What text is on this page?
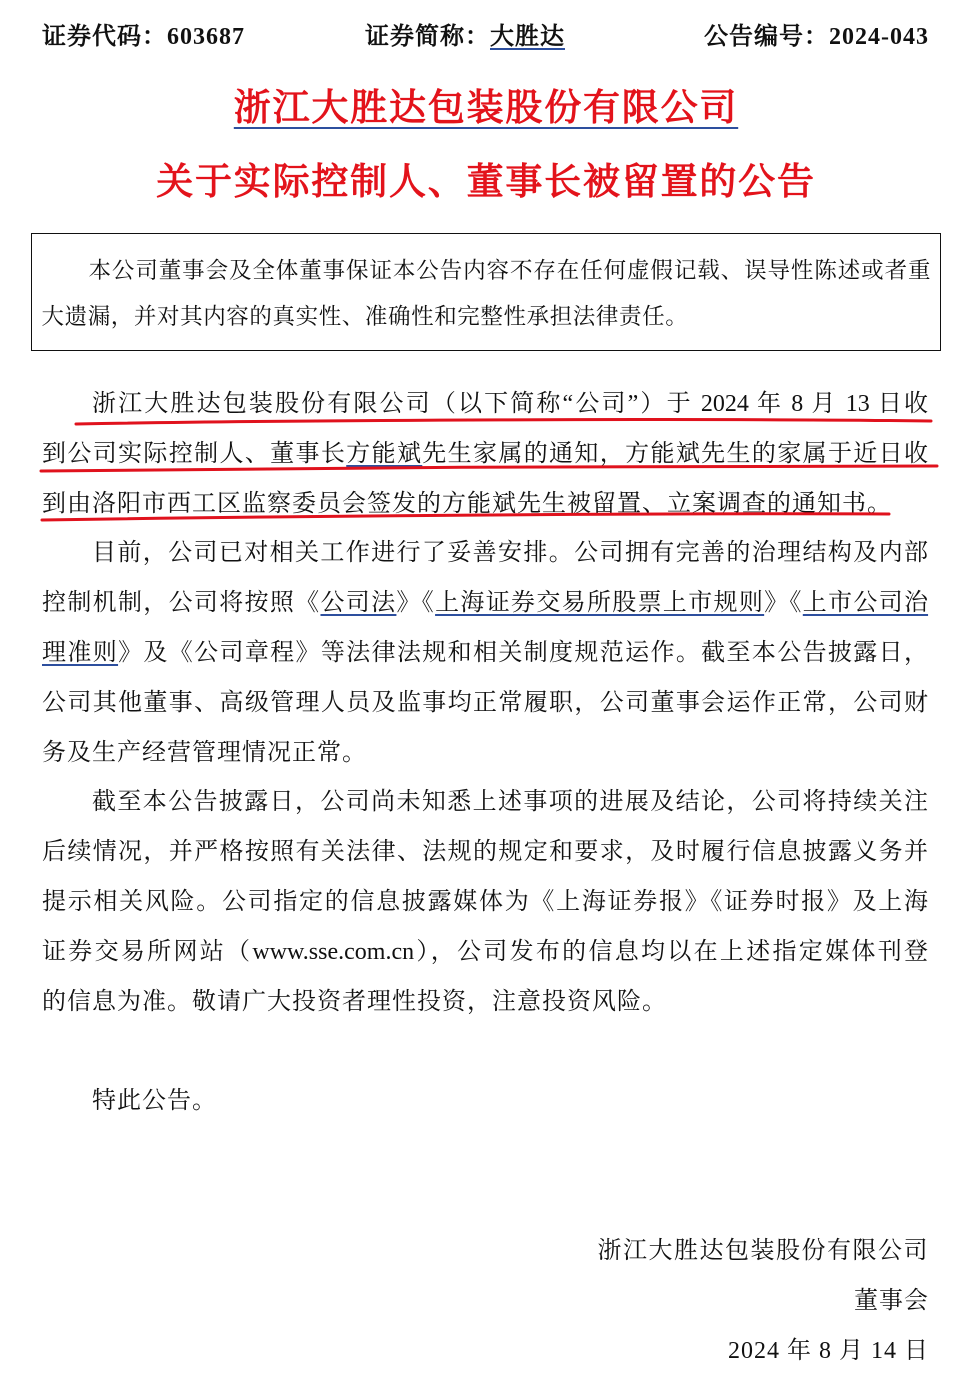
证券代码：603687	证券简称：大胜达	公告编号：2024-043
浙江大胜达包装股份有限公司
关于实际控制人、董事长被留置的公告
本公司董事会及全体董事保证本公告内容不存在任何虚假记载、误导性陈述或者重
大遗漏，并对其内容的真实性、准确性和完整性承担法律责任。
浙江大胜达包装股份有限公司（以下简称“公司”）于 2024 年 8 月 13 日收
到公司实际控制人、董事长方能斌先生家属的通知，方能斌先生的家属于近日收
到由洛阳市西工区监察委员会签发的方能斌先生被留置、立案调查的通知书。
目前，公司已对相关工作进行了妥善安排。公司拥有完善的治理结构及内部
控制机制，公司将按照《公司法》《上海证券交易所股票上市规则》《上市公司治
理准则》及《公司章程》等法律法规和相关制度规范运作。截至本公告披露日，
公司其他董事、高级管理人员及监事均正常履职，公司董事会运作正常，公司财
务及生产经营管理情况正常。
截至本公告披露日，公司尚未知悉上述事项的进展及结论，公司将持续关注
后续情况，并严格按照有关法律、法规的规定和要求，及时履行信息披露义务并
提示相关风险。公司指定的信息披露媒体为《上海证券报》《证券时报》及上海
证券交易所网站（www.sse.com.cn），公司发布的信息均以在上述指定媒体刊登
的信息为准。敬请广大投资者理性投资，注意投资风险。
特此公告。
浙江大胜达包装股份有限公司
董事会
2024 年 8 月 14 日
